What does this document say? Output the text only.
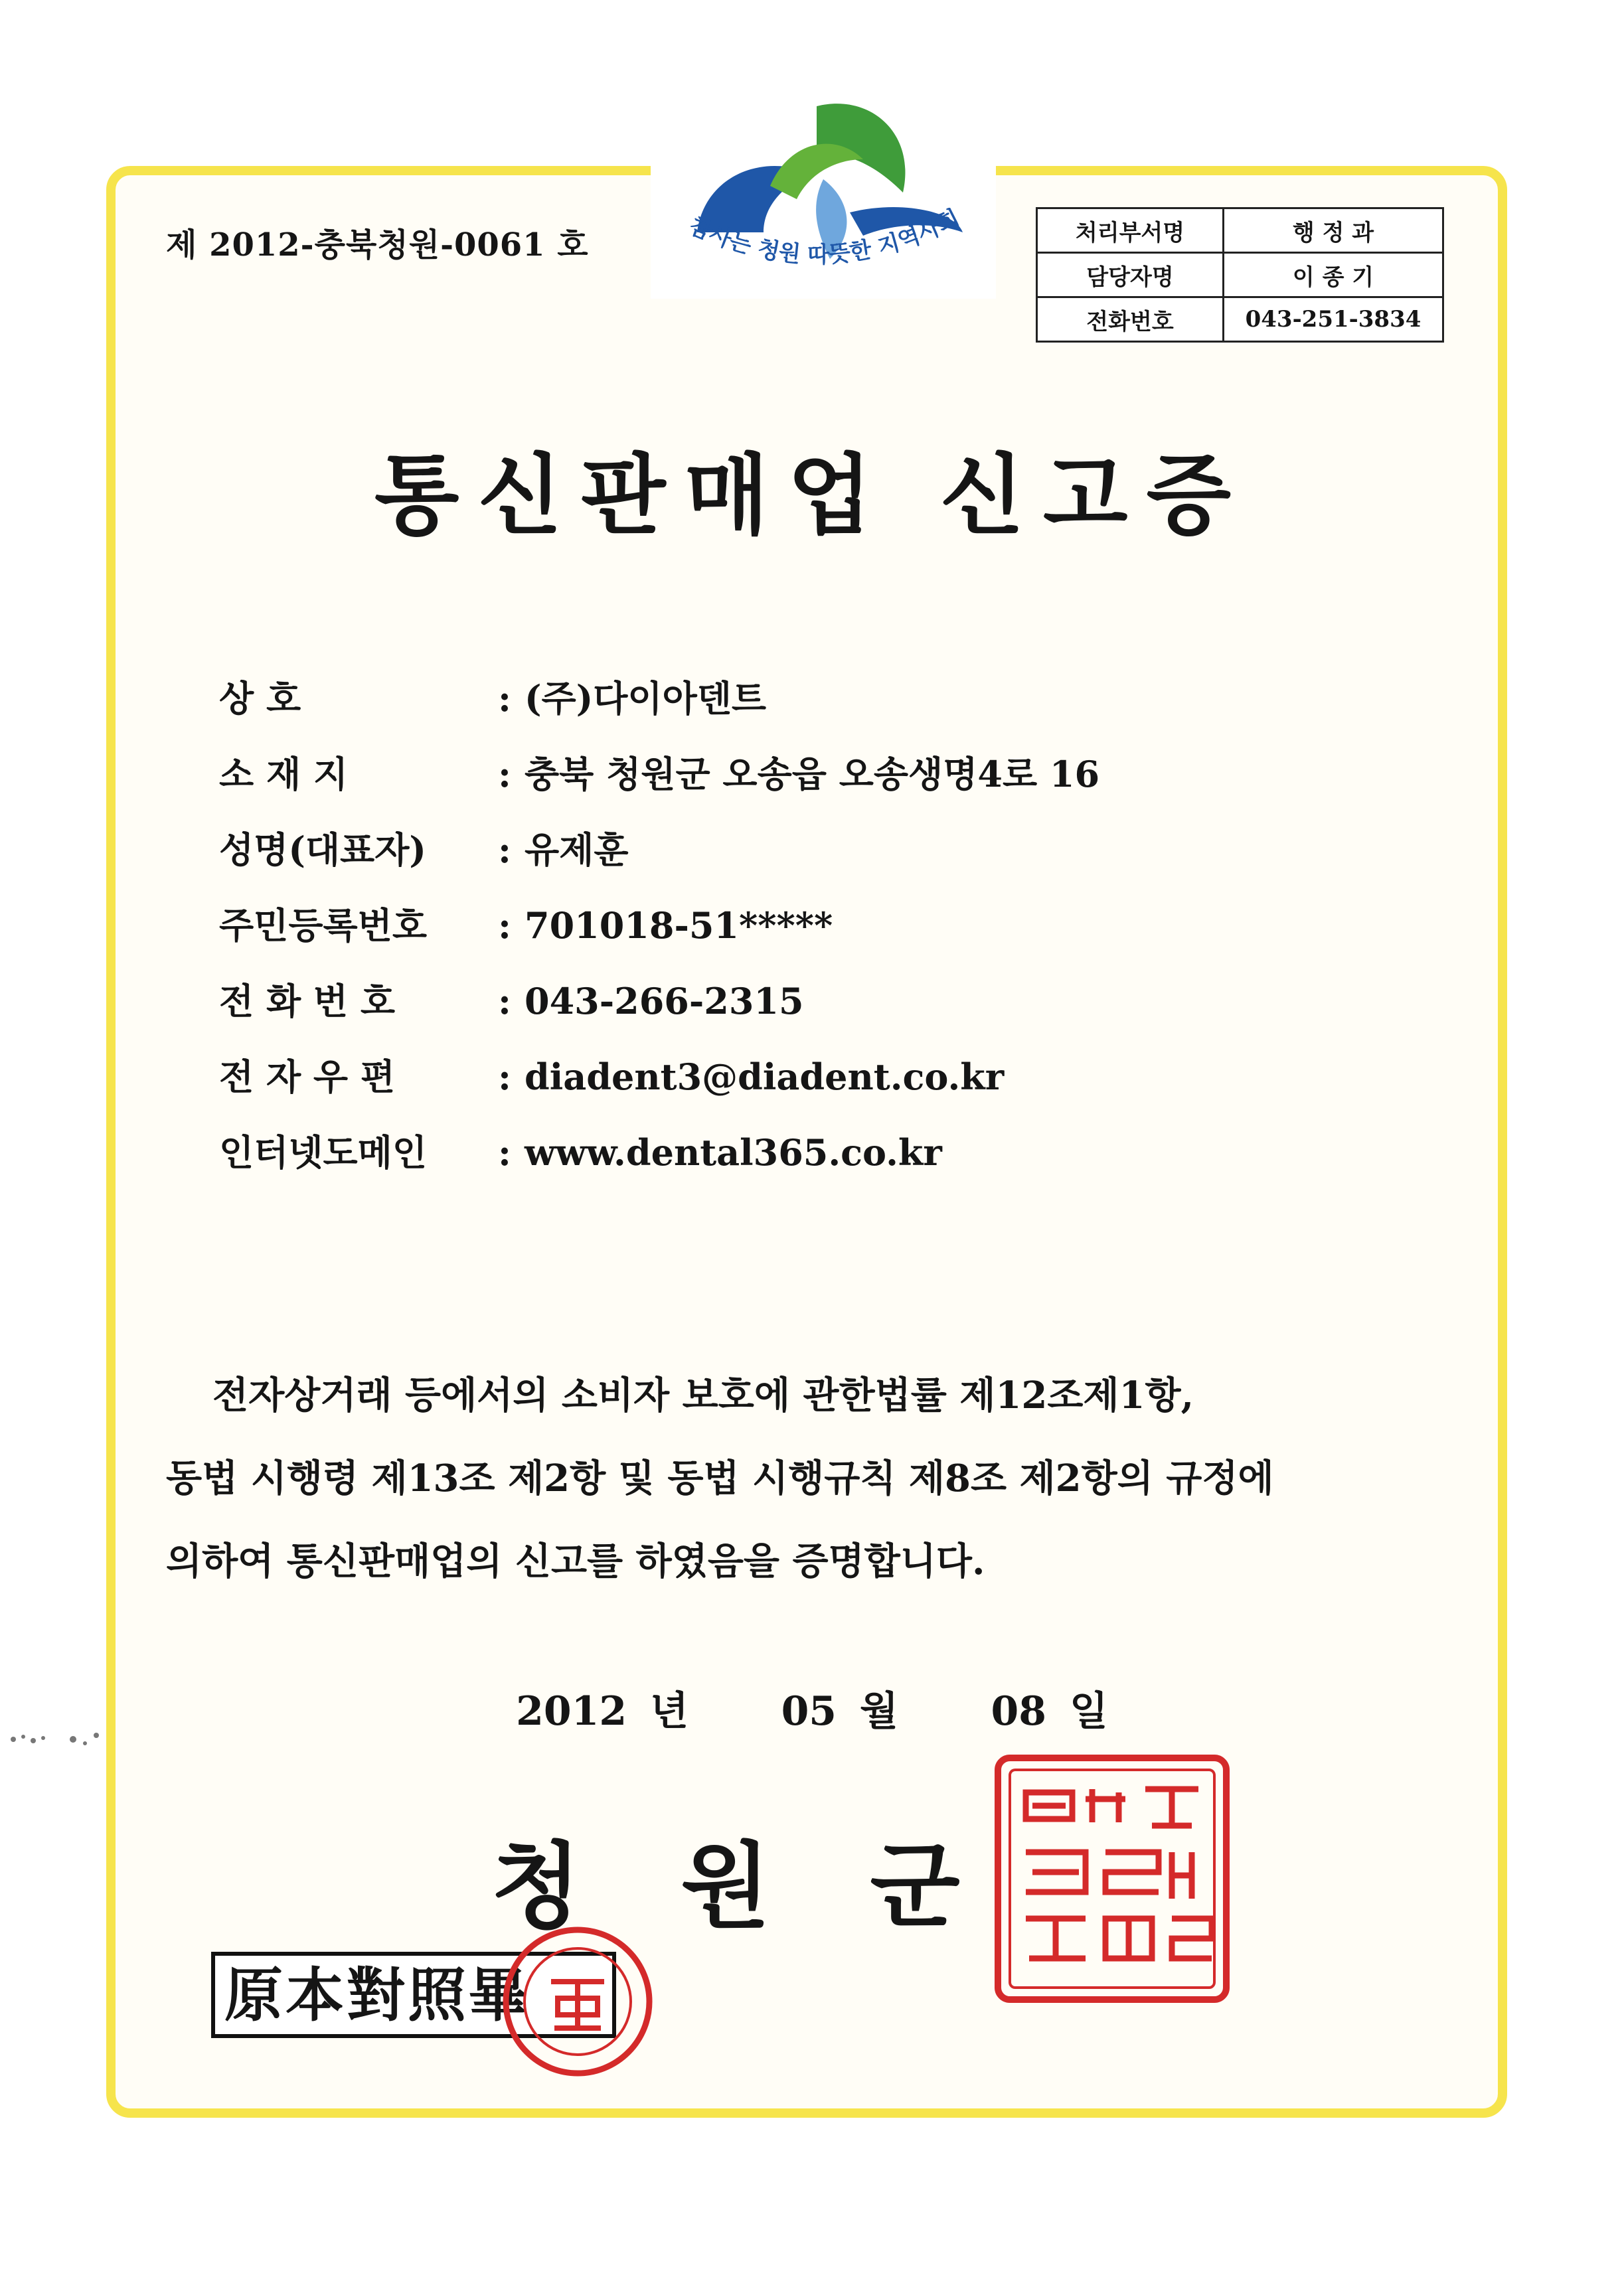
제 2012-충북청원-0061 호	참사는 청원 따뜻한 지역사회	처리부서명	행 정 과
담당자명	이 종 기
전화번호	043-251-3834
통신판매업 신고증
상 호	: (주)다이아덴트
소 재 지	: 충북 청원군 오송읍 오송생명4로 16
성명(대표자)	: 유제훈
주민등록번호	: 701018-51*****
전 화 번 호	: 043-266-2315
전 자 우 편	: diadent3@diadent.co.kr
인터넷도메인	: www.dental365.co.kr
전자상거래 등에서의 소비자 보호에 관한법률 제12조제1항,
동법 시행령 제13조 제2항 및 동법 시행규칙 제8조 제2항의 규정에
의하여 통신판매업의 신고를 하였음을 증명합니다.
2012 년 05 월 08 일
청원군
原本對照畢
